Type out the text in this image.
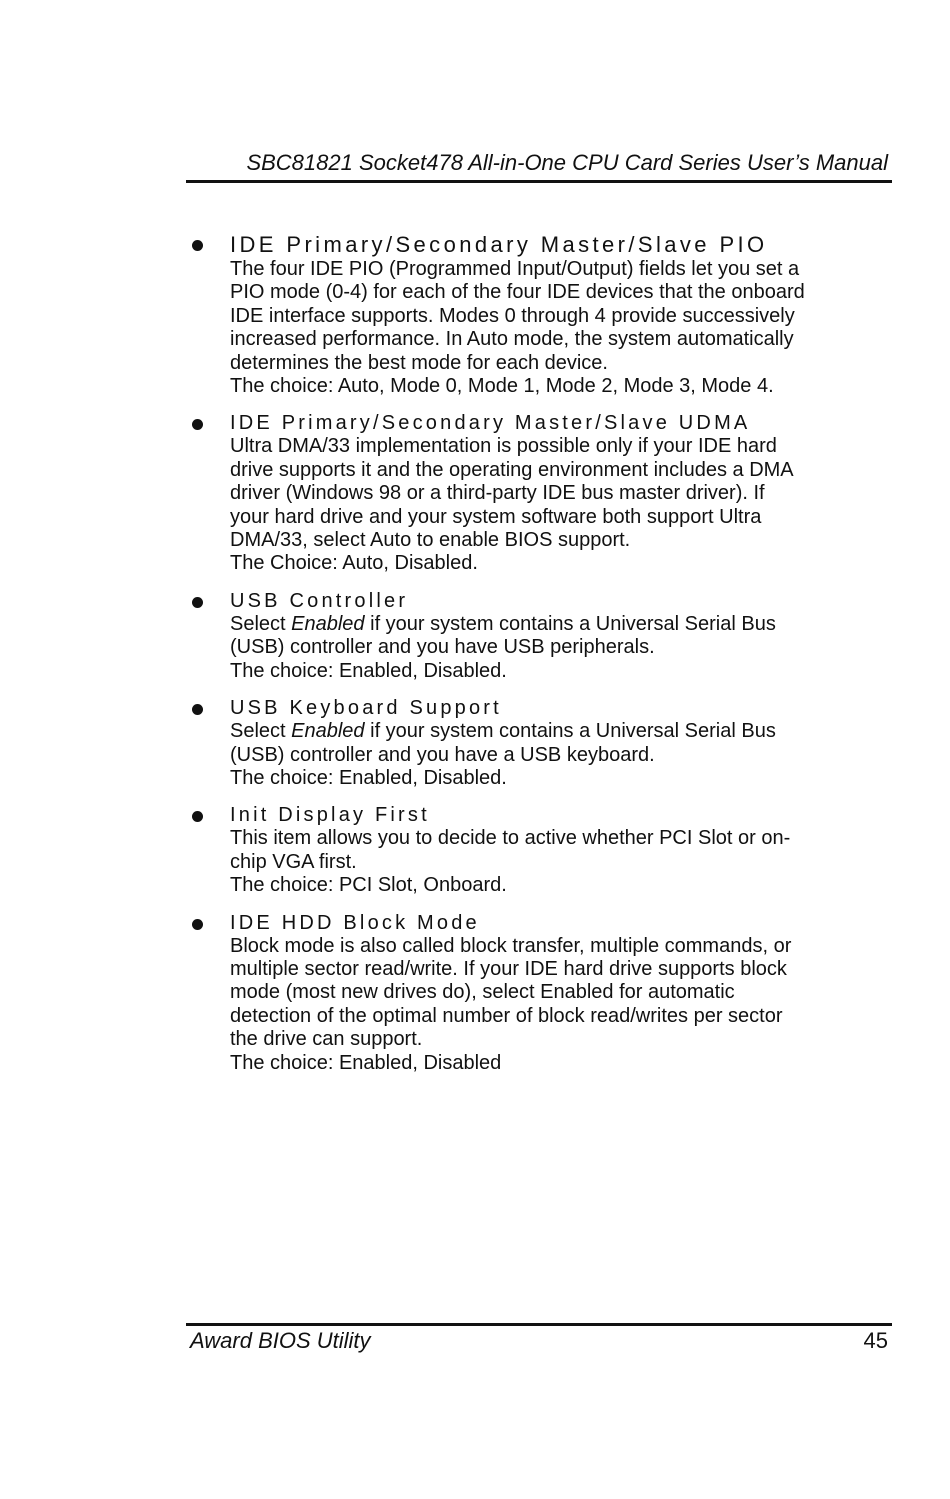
SBC81821 Socket478 All-in-One CPU Card Series User’s Manual
IDE Primary/Secondary Master/Slave PIO
The four IDE PIO (Programmed Input/Output) fields let you set a
PIO mode (0-4) for each of the four IDE devices that the onboard
IDE interface supports. Modes 0 through 4 provide successively
increased performance. In Auto mode, the system automatically
determines the best mode for each device.
The choice: Auto, Mode 0, Mode 1, Mode 2, Mode 3, Mode 4.
IDE Primary/Secondary Master/Slave UDMA
Ultra DMA/33 implementation is possible only if your IDE hard
drive supports it and the operating environment includes a DMA
driver (Windows 98 or a third-party IDE bus master driver). If
your hard drive and your system software both support Ultra
DMA/33, select Auto to enable BIOS support.
The Choice: Auto, Disabled.
USB Controller
Select Enabled if your system contains a Universal Serial Bus
(USB) controller and you have USB peripherals.
The choice: Enabled, Disabled.
USB Keyboard Support
Select Enabled if your system contains a Universal Serial Bus
(USB) controller and you have a USB keyboard.
The choice: Enabled, Disabled.
Init Display First
This item allows you to decide to active whether PCI Slot or on-
chip VGA first.
The choice: PCI Slot, Onboard.
IDE HDD Block Mode
Block mode is also called block transfer, multiple commands, or
multiple sector read/write. If your IDE hard drive supports block
mode (most new drives do), select Enabled for automatic
detection of the optimal number of block read/writes per sector
the drive can support.
The choice: Enabled, Disabled
Award BIOS Utility	45
